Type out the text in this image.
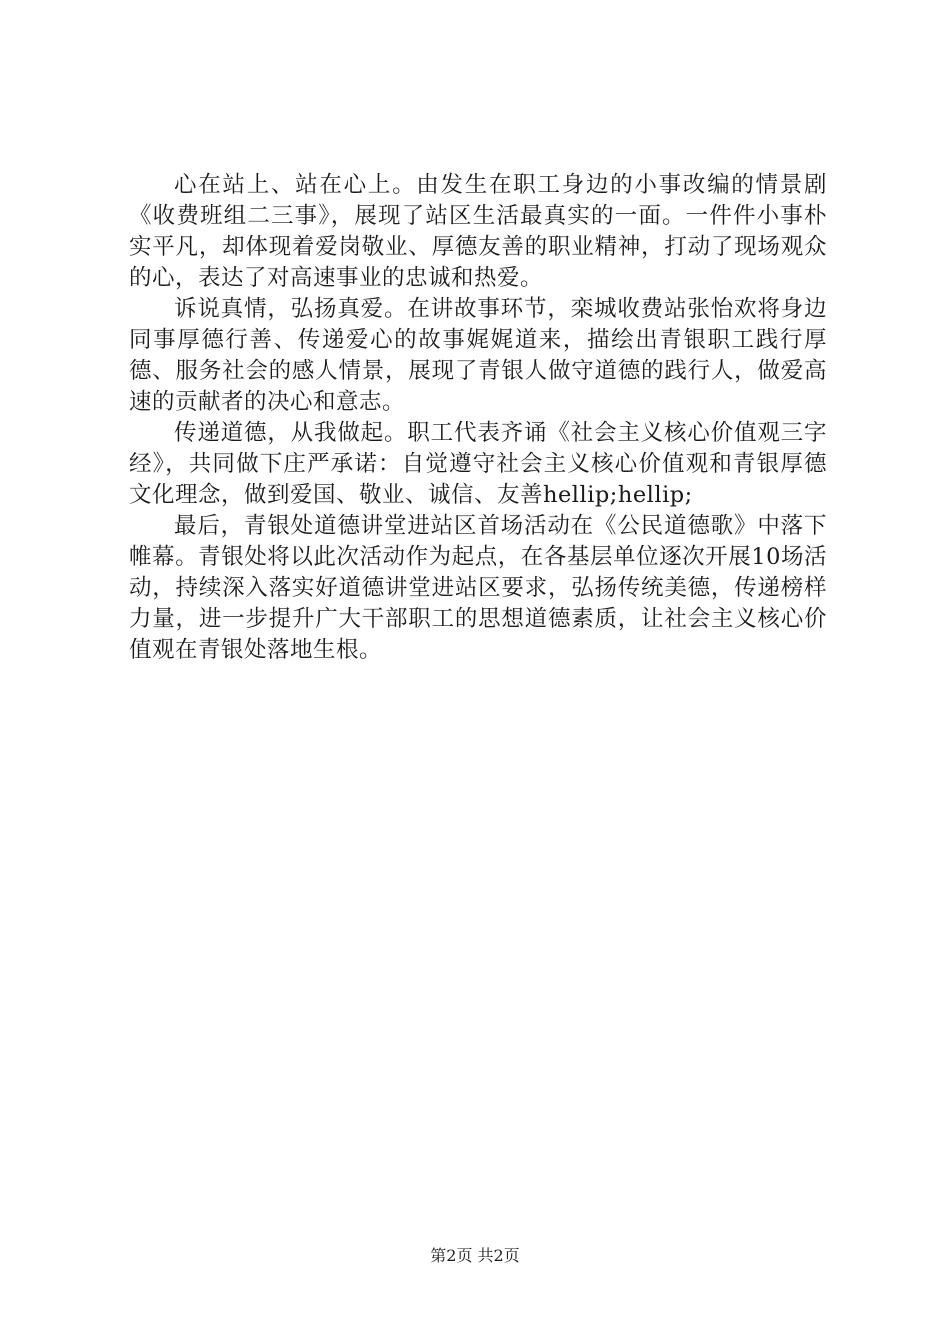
心在站上、站在心上。由发生在职工身边的小事改编的情景剧《收费班组二三事》，展现了站区生活最真实的一面。一件件小事朴实平凡，却体现着爱岗敬业、厚德友善的职业精神，打动了现场观众的心，表达了对高速事业的忠诚和热爱。

诉说真情，弘扬真爱。在讲故事环节，栾城收费站张怡欢将身边同事厚德行善、传递爱心的故事娓娓道来，描绘出青银职工践行厚德、服务社会的感人情景，展现了青银人做守道德的践行人，做爱高速的贡献者的决心和意志。

传递道德，从我做起。职工代表齐诵《社会主义核心价值观三字经》，共同做下庄严承诺：自觉遵守社会主义核心价值观和青银厚德文化理念，做到爱国、敬业、诚信、友善hellip;hellip;

最后，青银处道德讲堂进站区首场活动在《公民道德歌》中落下帷幕。青银处将以此次活动作为起点，在各基层单位逐次开展10场活动，持续深入落实好道德讲堂进站区要求，弘扬传统美德，传递榜样力量，进一步提升广大干部职工的思想道德素质，让社会主义核心价值观在青银处落地生根。

第2页 共2页
